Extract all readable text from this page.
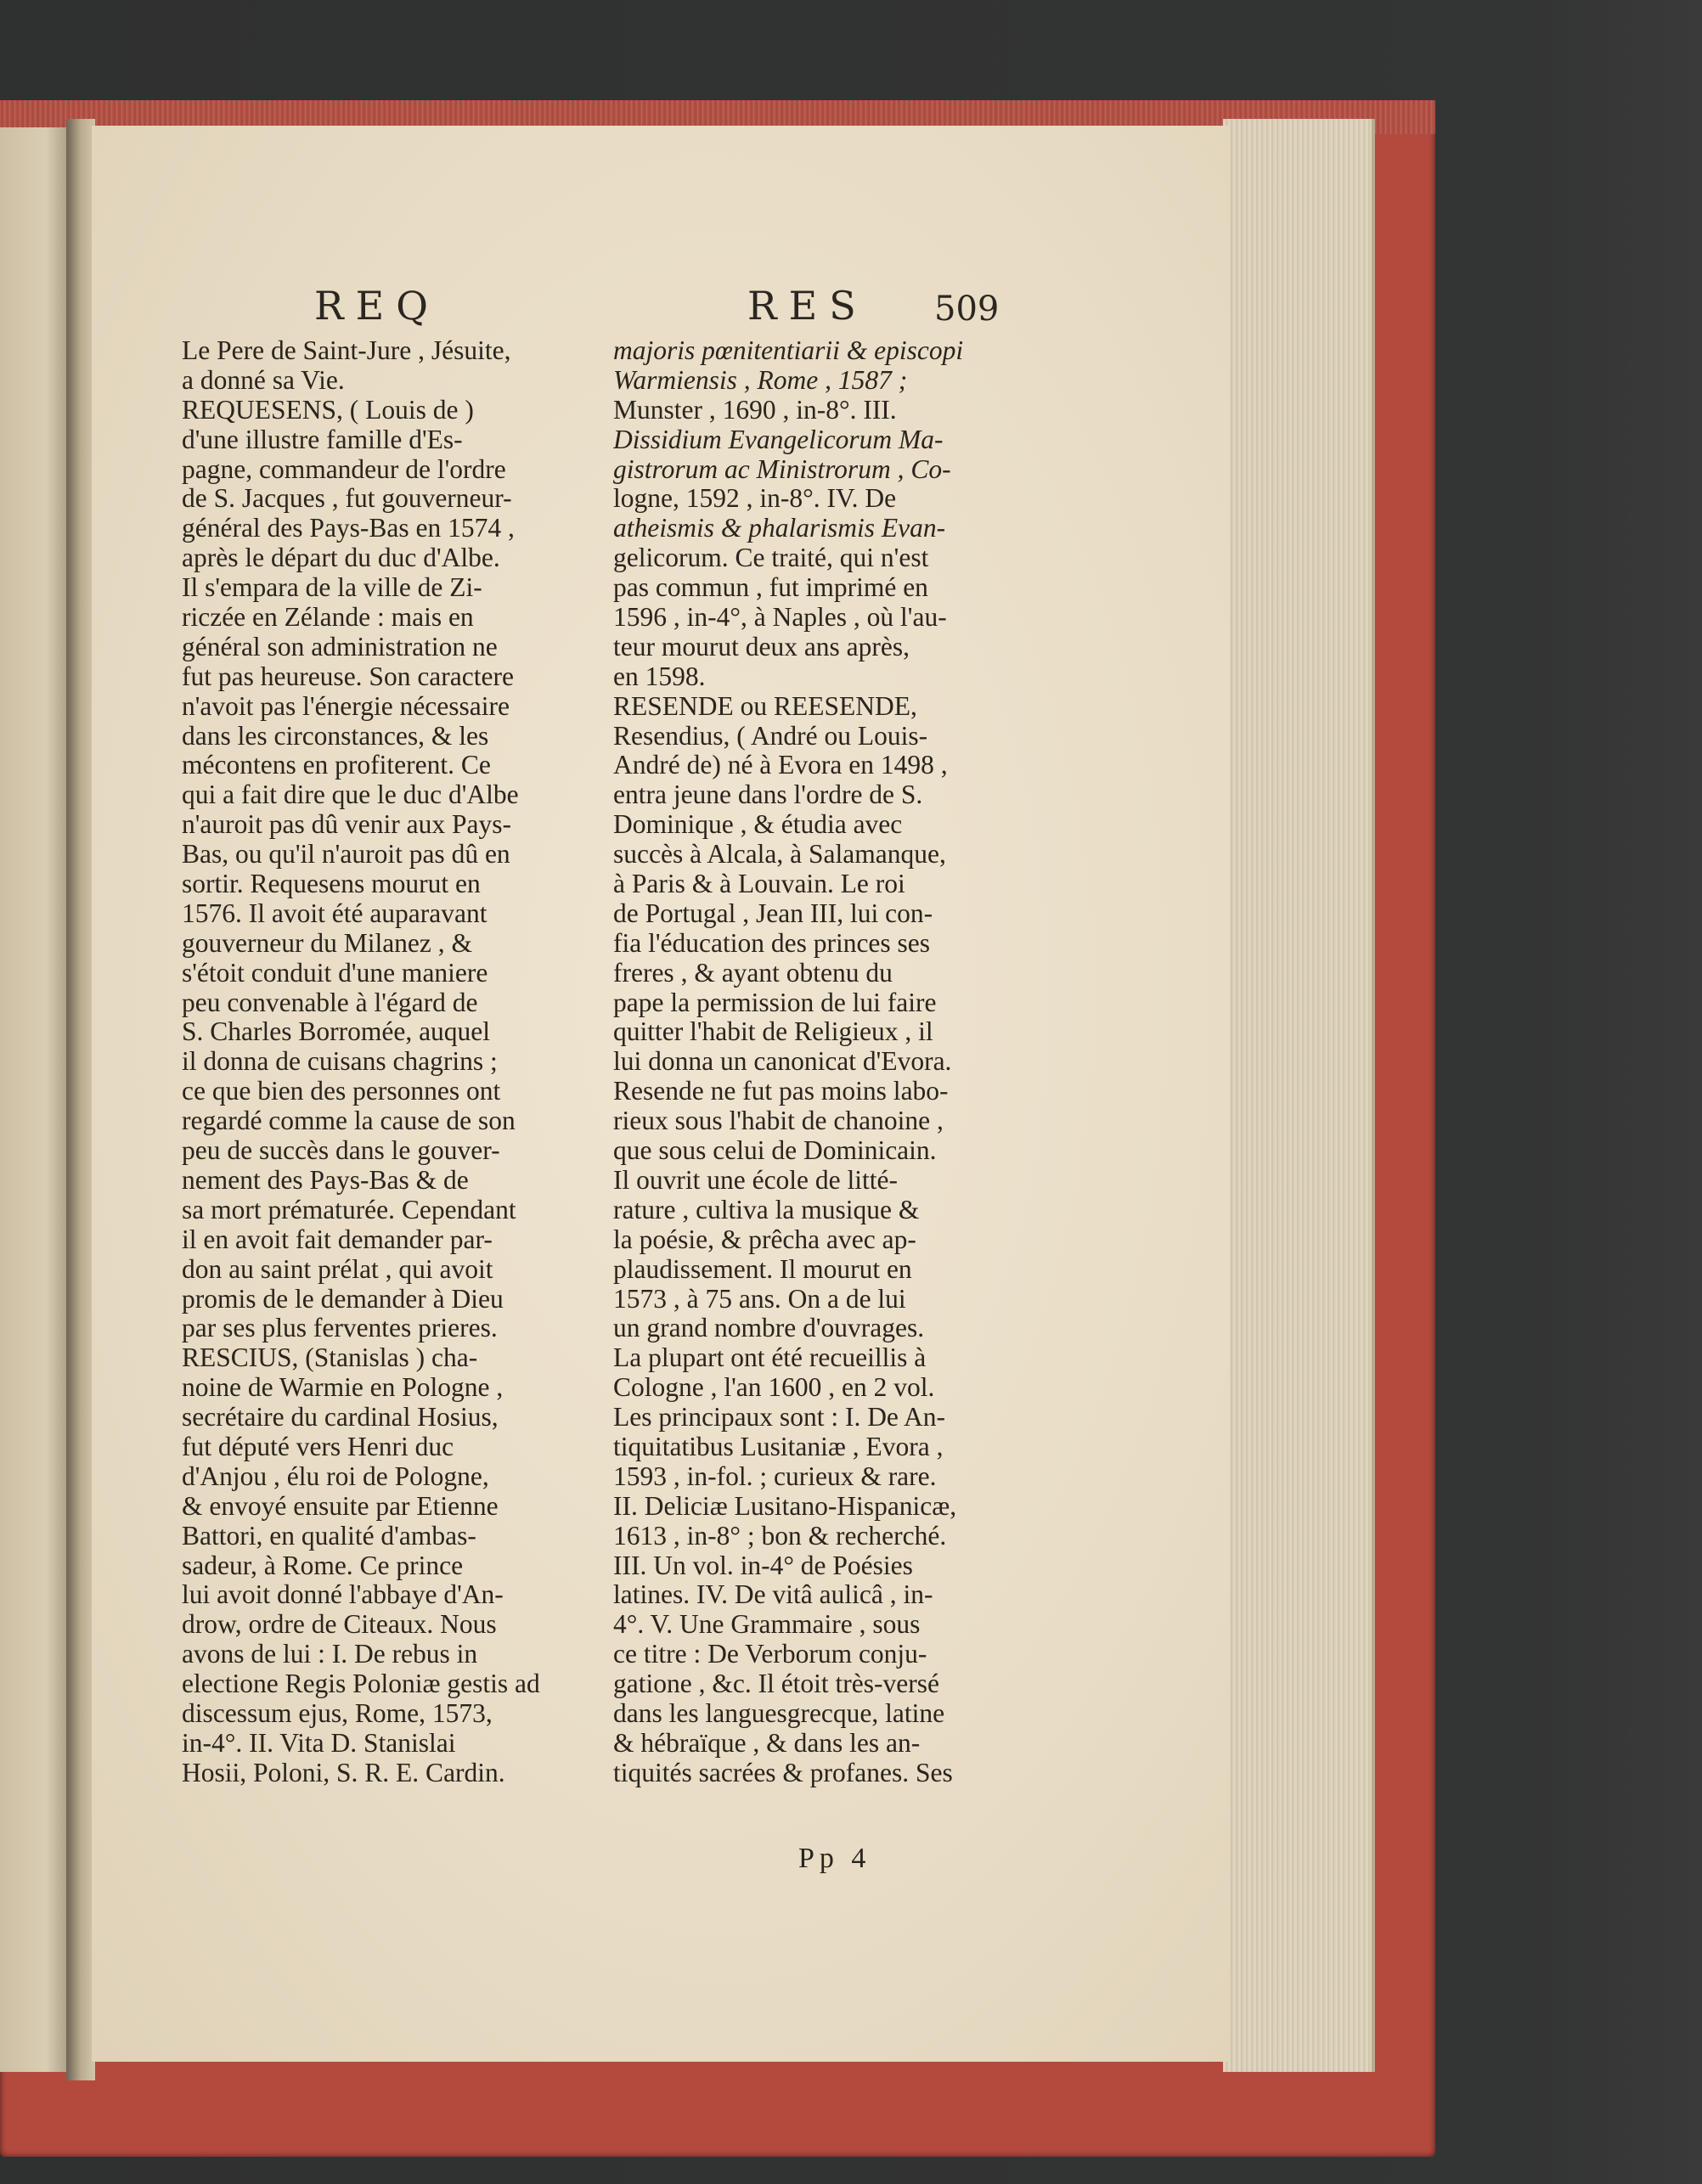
REQ	RES 509
Le Pere de Saint-Jure , Jésuite,
a donné sa Vie.
REQUESENS, ( Louis de )
d'une illustre famille d'Es-
pagne, commandeur de l'ordre
de S. Jacques , fut gouverneur-
général des Pays-Bas en 1574 ,
après le départ du duc d'Albe.
Il s'empara de la ville de Zi-
riczée en Zélande : mais en
général son administration ne
fut pas heureuse. Son caractere
n'avoit pas l'énergie nécessaire
dans les circonstances, & les
mécontens en profiterent. Ce
qui a fait dire que le duc d'Albe
n'auroit pas dû venir aux Pays-
Bas, ou qu'il n'auroit pas dû en
sortir. Requesens mourut en
1576. Il avoit été auparavant
gouverneur du Milanez , &
s'étoit conduit d'une maniere
peu convenable à l'égard de
S. Charles Borromée, auquel
il donna de cuisans chagrins ;
ce que bien des personnes ont
regardé comme la cause de son
peu de succès dans le gouver-
nement des Pays-Bas & de
sa mort prématurée. Cependant
il en avoit fait demander par-
don au saint prélat , qui avoit
promis de le demander à Dieu
par ses plus ferventes prieres.
RESCIUS, (Stanislas ) cha-
noine de Warmie en Pologne ,
secrétaire du cardinal Hosius,
fut député vers Henri duc
d'Anjou , élu roi de Pologne,
& envoyé ensuite par Etienne
Battori, en qualité d'ambas-
sadeur, à Rome. Ce prince
lui avoit donné l'abbaye d'An-
drow, ordre de Citeaux. Nous
avons de lui : I. De rebus in
electione Regis Poloniæ gestis ad
discessum ejus, Rome, 1573,
in-4°. II. Vita D. Stanislai
Hosii, Poloni, S. R. E. Cardin.
majoris pœnitentiarii & episcopi
Warmiensis , Rome , 1587 ;
Munster , 1690 , in-8°. III.
Dissidium Evangelicorum Ma-
gistrorum ac Ministrorum , Co-
logne, 1592 , in-8°. IV. De
atheismis & phalarismis Evan-
gelicorum. Ce traité, qui n'est
pas commun , fut imprimé en
1596 , in-4°, à Naples , où l'au-
teur mourut deux ans après,
en 1598.
RESENDE ou REESENDE,
Resendius, ( André ou Louis-
André de) né à Evora en 1498 ,
entra jeune dans l'ordre de S.
Dominique , & étudia avec
succès à Alcala, à Salamanque,
à Paris & à Louvain. Le roi
de Portugal , Jean III, lui con-
fia l'éducation des princes ses
freres , & ayant obtenu du
pape la permission de lui faire
quitter l'habit de Religieux , il
lui donna un canonicat d'Evora.
Resende ne fut pas moins labo-
rieux sous l'habit de chanoine ,
que sous celui de Dominicain.
Il ouvrit une école de litté-
rature , cultiva la musique &
la poésie, & prêcha avec ap-
plaudissement. Il mourut en
1573 , à 75 ans. On a de lui
un grand nombre d'ouvrages.
La plupart ont été recueillis à
Cologne , l'an 1600 , en 2 vol.
Les principaux sont : I. De An-
tiquitatibus Lusitaniæ , Evora ,
1593 , in-fol. ; curieux & rare.
II. Deliciæ Lusitano-Hispanicæ,
1613 , in-8° ; bon & recherché.
III. Un vol. in-4° de Poésies
latines. IV. De vitâ aulicâ , in-
4°. V. Une Grammaire , sous
ce titre : De Verborum conju-
gatione , &c. Il étoit très-versé
dans les languesgrecque, latine
& hébraïque , & dans les an-
tiquités sacrées & profanes. Ses
Pp 4
